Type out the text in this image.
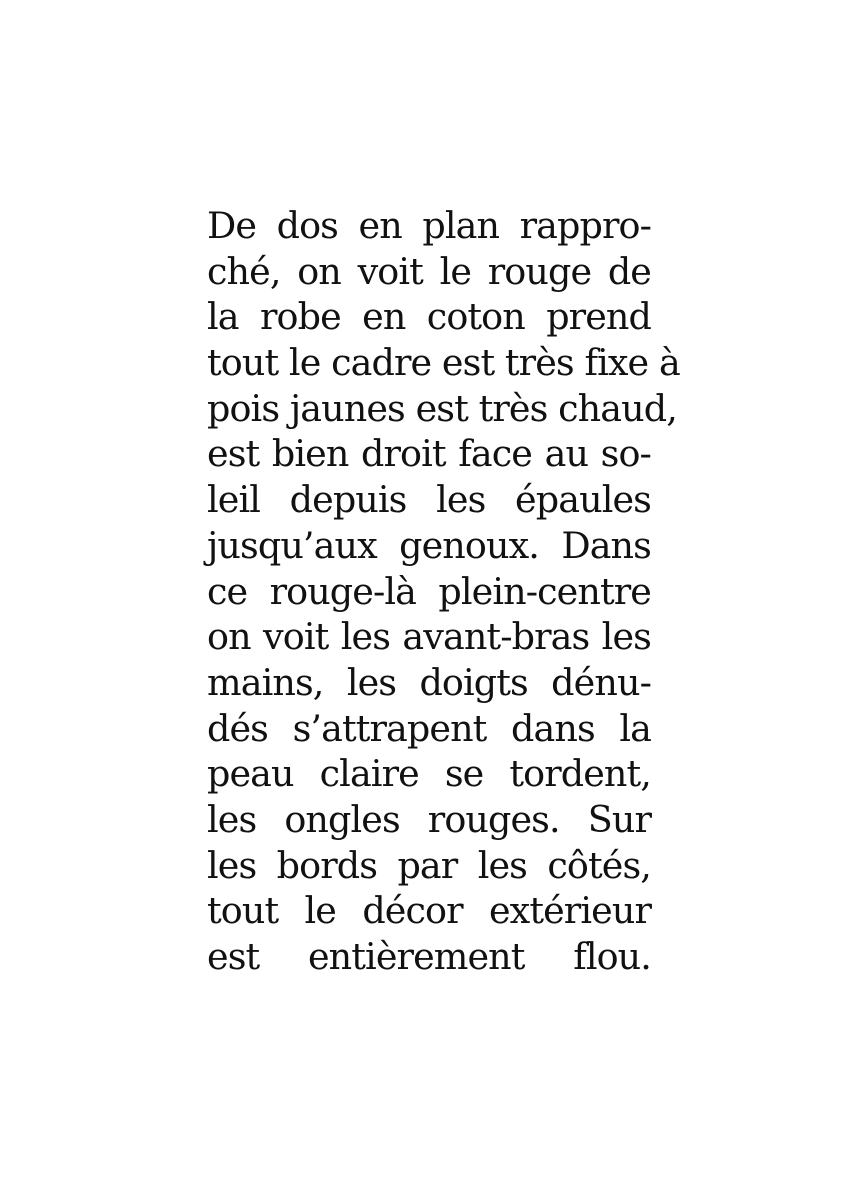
De dos en plan rappro-
ché, on voit le rouge de
la robe en coton prend
tout le cadre est très fixe à
pois jaunes est très chaud,
est bien droit face au so-
leil depuis les épaules
jusqu’aux genoux. Dans
ce rouge-là plein-centre
on voit les avant-bras les
mains, les doigts dénu-
dés s’attrapent dans la
peau claire se tordent,
les ongles rouges. Sur
les bords par les côtés,
tout le décor extérieur
est entièrement flou.
